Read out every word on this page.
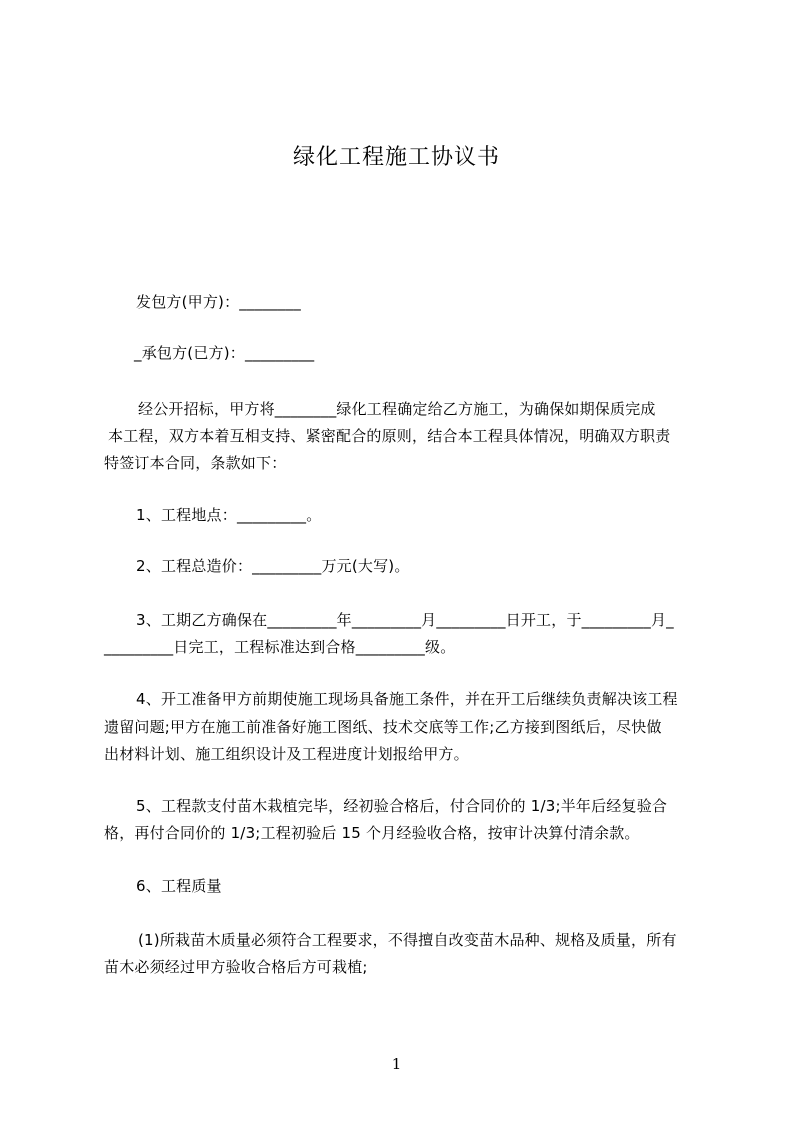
绿化工程施工协议书
发包方(甲方)：________
_承包方(已方)：_________
经公开招标，甲方将________绿化工程确定给乙方施工，为确保如期保质完成
本工程，双方本着互相支持、紧密配合的原则，结合本工程具体情况，明确双方职责
特签订本合同，条款如下：
1、工程地点：_________。
2、工程总造价：_________万元(大写)。
3、工期乙方确保在_________年_________月_________日开工，于_________月_
_________日完工，工程标准达到合格_________级。
4、开工准备甲方前期使施工现场具备施工条件，并在开工后继续负责解决该工程
遗留问题;甲方在施工前准备好施工图纸、技术交底等工作;乙方接到图纸后，尽快做
出材料计划、施工组织设计及工程进度计划报给甲方。
5、工程款支付苗木栽植完毕，经初验合格后，付合同价的 1/3;半年后经复验合
格，再付合同价的 1/3;工程初验后 15 个月经验收合格，按审计决算付清余款。
6、工程质量
(1)所栽苗木质量必须符合工程要求，不得擅自改变苗木品种、规格及质量，所有
苗木必须经过甲方验收合格后方可栽植;
1
